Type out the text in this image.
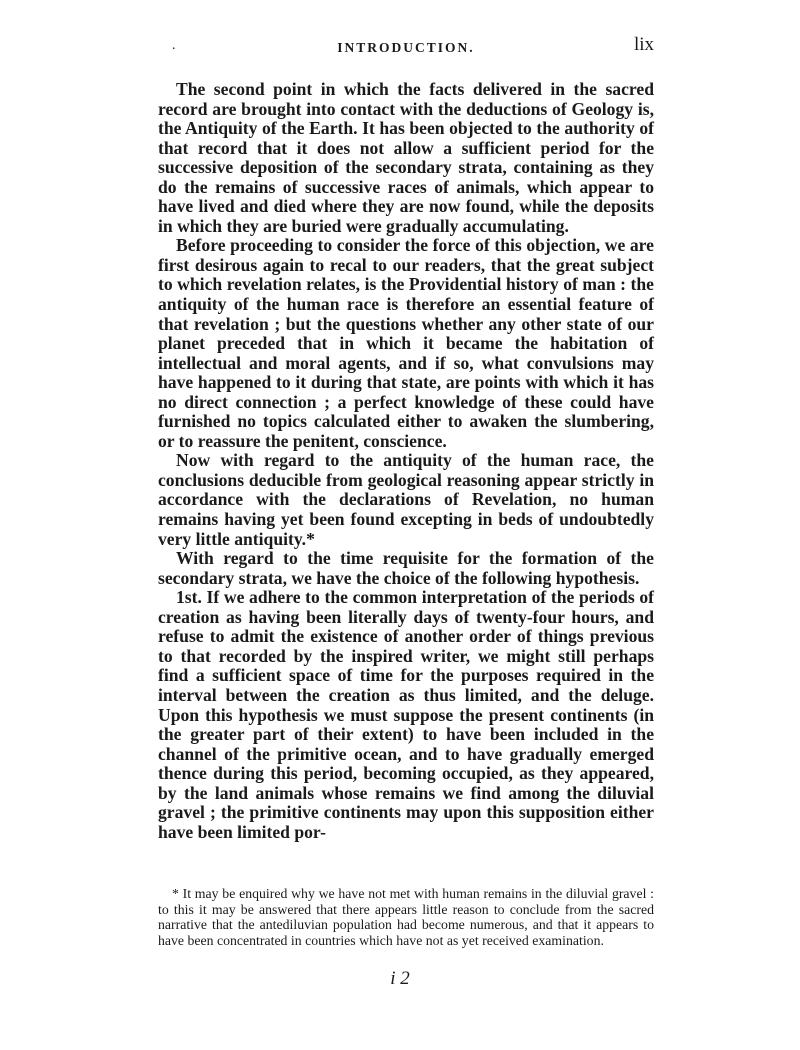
.	INTRODUCTION.	lix

The second point in which the facts delivered in the sacred record are brought into contact with the deductions of Geology is, the Antiquity of the Earth. It has been objected to the authority of that record that it does not allow a sufficient period for the successive deposition of the secondary strata, containing as they do the remains of successive races of animals, which appear to have lived and died where they are now found, while the deposits in which they are buried were gradually accumulating.

Before proceeding to consider the force of this objection, we are first desirous again to recal to our readers, that the great subject to which revelation relates, is the Providential history of man : the antiquity of the human race is therefore an essential feature of that revelation ; but the questions whether any other state of our planet preceded that in which it became the habitation of intellectual and moral agents, and if so, what convulsions may have happened to it during that state, are points with which it has no direct connection ; a perfect knowledge of these could have furnished no topics calculated either to awaken the slumbering, or to reassure the penitent, conscience.

Now with regard to the antiquity of the human race, the conclusions deducible from geological reasoning appear strictly in accordance with the declarations of Revelation, no human remains having yet been found excepting in beds of undoubtedly very little antiquity.*

With regard to the time requisite for the formation of the secondary strata, we have the choice of the following hypothesis.

1st. If we adhere to the common interpretation of the periods of creation as having been literally days of twenty-four hours, and refuse to admit the existence of another order of things previous to that recorded by the inspired writer, we might still perhaps find a sufficient space of time for the purposes required in the interval between the creation as thus limited, and the deluge. Upon this hypothesis we must suppose the present continents (in the greater part of their extent) to have been included in the channel of the primitive ocean, and to have gradually emerged thence during this period, becoming occupied, as they appeared, by the land animals whose remains we find among the diluvial gravel ; the primitive continents may upon this supposition either have been limited por-

* It may be enquired why we have not met with human remains in the diluvial gravel : to this it may be answered that there appears little reason to conclude from the sacred narrative that the antediluvian population had become numerous, and that it appears to have been concentrated in countries which have not as yet received examination.

i 2
